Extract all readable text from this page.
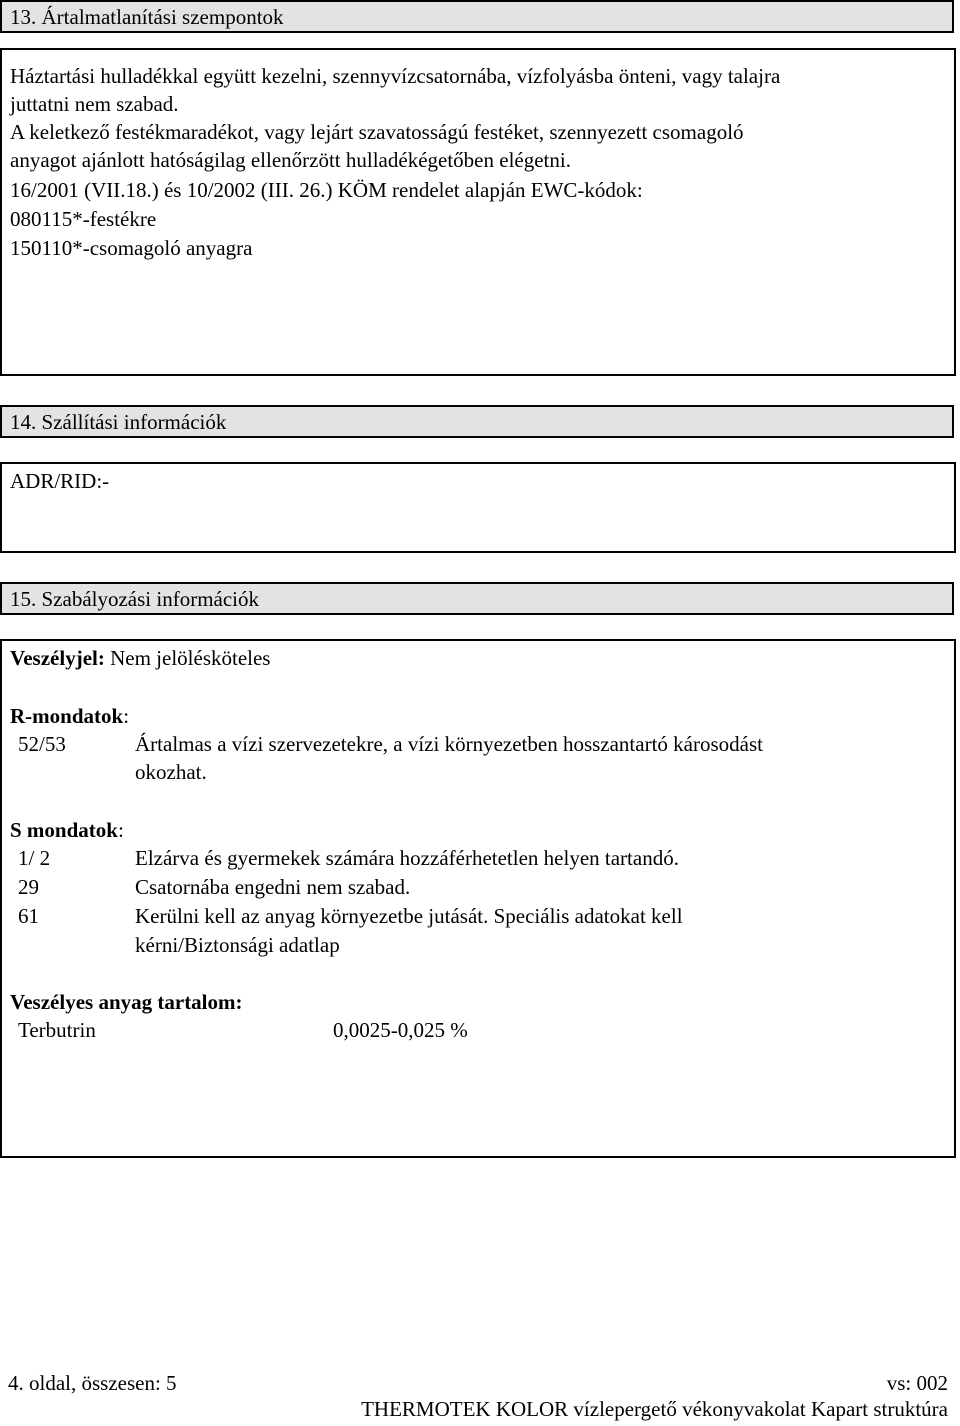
13. Ártalmatlanítási szempontok
Háztartási hulladékkal együtt kezelni, szennyvízcsatornába, vízfolyásba önteni, vagy talajra
juttatni nem szabad.
A keletkező festékmaradékot, vagy lejárt szavatosságú festéket, szennyezett csomagoló
anyagot ajánlott hatóságilag ellenőrzött hulladékégetőben elégetni.
16/2001 (VII.18.) és 10/2002 (III. 26.) KÖM rendelet alapján EWC-kódok:
080115*-festékre
150110*-csomagoló anyagra
14. Szállítási információk
ADR/RID:-
15. Szabályozási információk
Veszélyjel: Nem jelölésköteles
R-mondatok:
52/53	Ártalmas a vízi szervezetekre, a vízi környezetben hosszantartó károsodást
okozhat.
S mondatok:
1/ 2	Elzárva és gyermekek számára hozzáférhetetlen helyen tartandó.
29	Csatornába engedni nem szabad.
61	Kerülni kell az anyag környezetbe jutását. Speciális adatokat kell
kérni/Biztonsági adatlap
Veszélyes anyag tartalom:
Terbutrin	0,0025-0,025 %
4. oldal, összesen: 5	vs: 002
THERMOTEK KOLOR vízlepergető vékonyvakolat Kapart struktúra
